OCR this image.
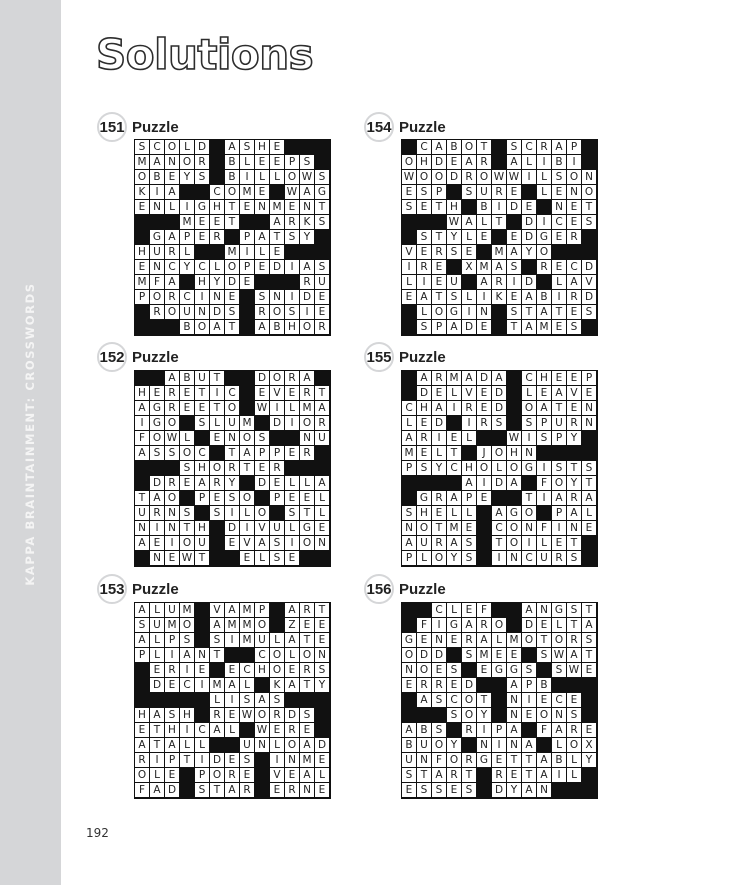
KAPPA BRAINTAINMENT: CROSSWORDS
Solutions
151 Puzzle
S C O L D	A S H E
M A N O R	B L E E P S
O B E Y S	B I	L L O W S
K I A	C O M E	W A G
E N L	I G H T E N M E N T
M E E T	A R K S
G A P E R	P A T S Y
H U R L	M I	L E
E N C Y C L O P E D I A S
M F A	H Y D E	R U
P O R C I N E	S N I D E
R O U N D S	R O S I E
B O A T	A B H O R
154 Puzzle
C A B O T	S C R A P
O H D E A R	A L	I B I
W O O D R O W W I	L S O N
E S P	S U R E	L E N O
S E T H	B I D E	N E T
W A L T	D I C E S
S T Y L E	E D G E R
V E R S E	M A Y O
I R E	X M A S	R E C D
L	I E U	A R I D	L A V
E A T S L	I K E A B I R D
L O G I N	S T A T E S
S P A D E	T A M E S
152 Puzzle
A B U T	D O R A
H E R E T I C	E V E R T
A G R E E T O	W I	L M A
I G O	S L U M	D I O R
F O W L	E N O S	N U
A S S O C	T A P P E R
S H O R T E R
D R E A R Y	D E L L A
T A O	P E S O	P E E L
U R N S	S I	L O	S T L
N I N T H	D I V U L G E
A E I O U	E V A S I O N
N E W T	E L S E
155 Puzzle
A R M A D A	C H E E P
D E L V E D	L E A V E
C H A I R E D	O A T E N
L E D	I R S	S P U R N
A R I E L	W I S P Y
M E L T	J O H N
P S Y C H O L O G I S T S
A I D A	F O Y T
G R A P E	T I A R A
S H E L L	A G O	P A L
N O T M E	C O N F I N E
A U R A S	T O I	L E T
P L O Y S	I N C U R S
153 Puzzle
A L U M	V A M P	A R T
S U M O	A M M O	Z E E
A L P S	S I M U L A T E
P L	I A N T	C O L O N
E R I E	E C H O E R S
D E C I M A L	K A T Y
L	I S A S
H A S H	R E W O R D S
E T H I C A L	W E R E
A T A L L	U N L O A D
R I P T I D E S	I N M E
O L E	P O R E	V E A L
F A D	S T A R	E R N E
156 Puzzle
C L E F	A N G S T
F I G A R O	D E L T A
G E N E R A L M O T O R S
O D D	S M E E	S W A T
N O E S	E G G S	S W E
E R R E D	A P B
A S C O T	N I E C E
S O Y	N E O N S
A B S	R I P A	F A R E
B U O Y	N I N A	L O X
U N F O R G E T T A B L Y
S T A R T	R E T A I	L
E S S E S	D Y A N
192
